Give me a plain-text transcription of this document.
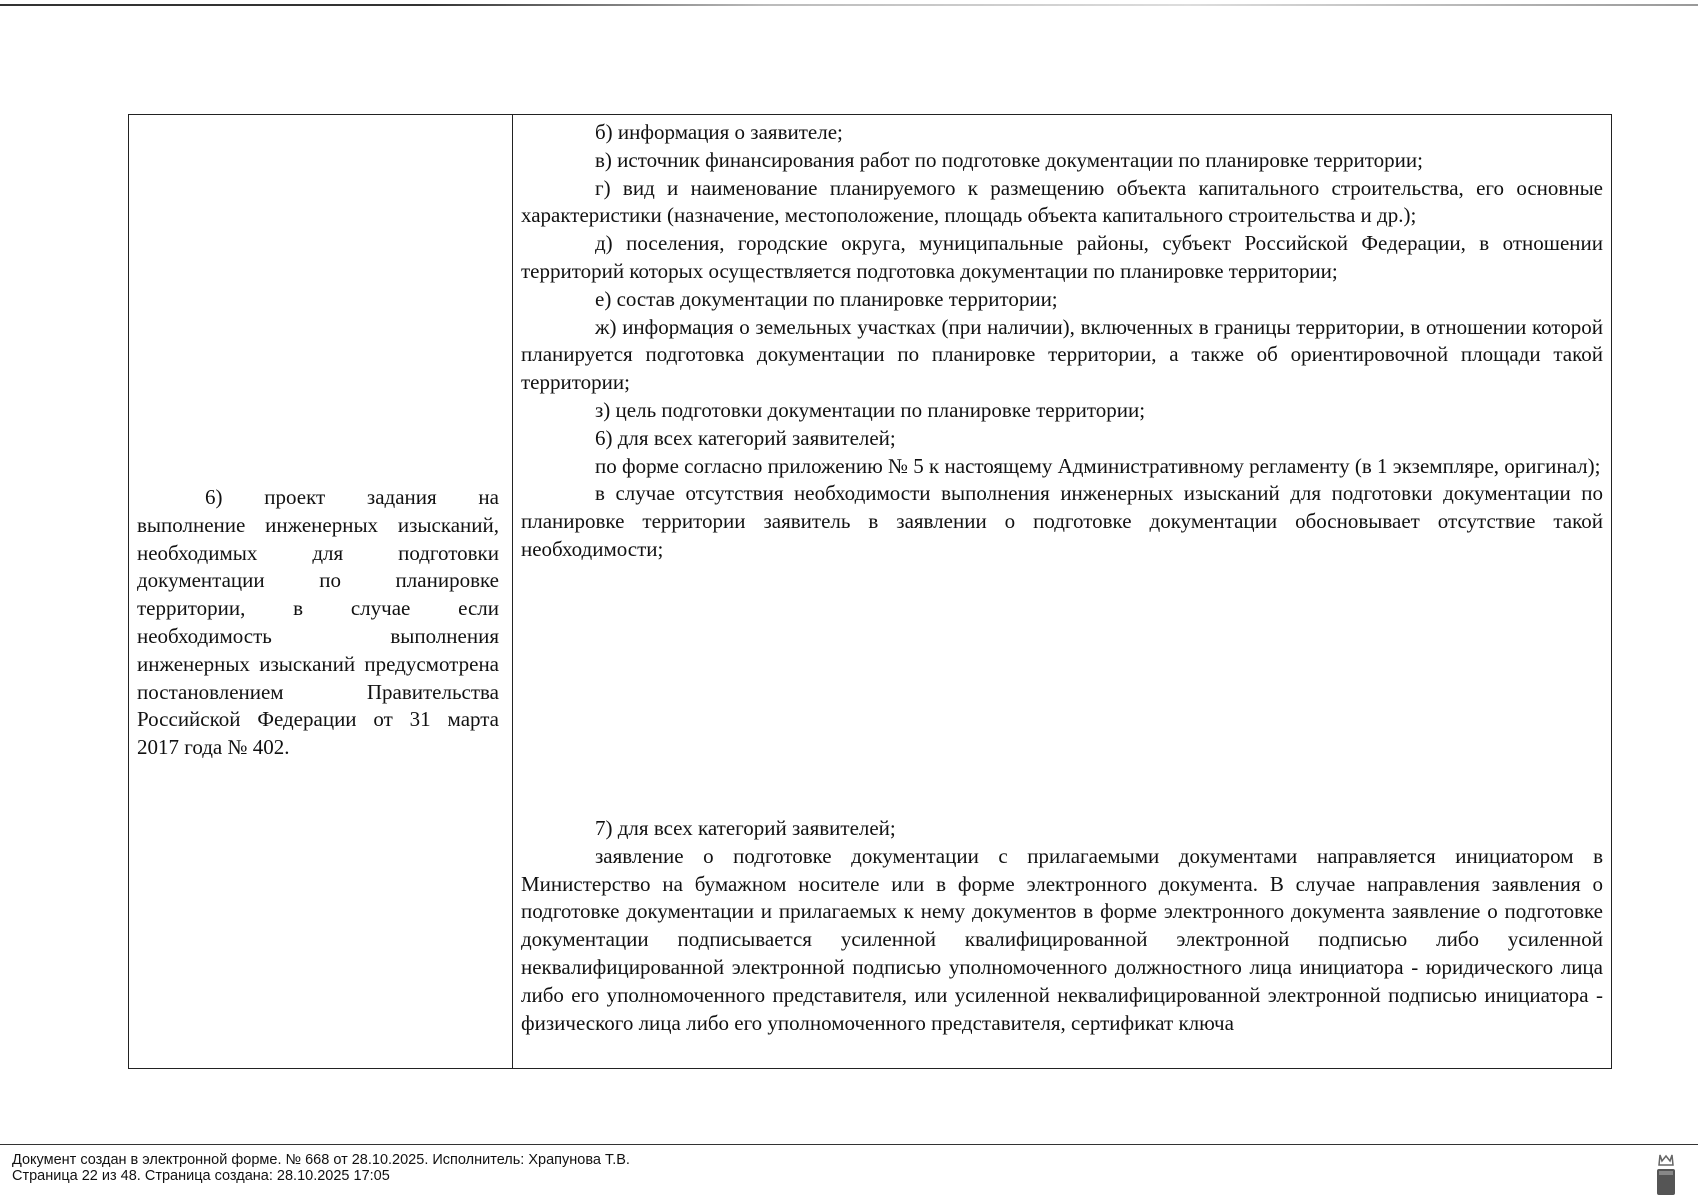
6) проект задания на выполнение инженерных изысканий, необходимых для подготовки документации по планировке территории, в случае если необходимость выполнения инженерных изысканий предусмотрена постановлением Правительства Российской Федерации от 31 марта 2017 года № 402.

б) информация о заявителе;

в) источник финансирования работ по подготовке документации по планировке территории;

г) вид и наименование планируемого к размещению объекта капитального строительства, его основные характеристики (назначение, местоположение, площадь объекта капитального строительства и др.);

д) поселения, городские округа, муниципальные районы, субъект Российской Федерации, в отношении территорий которых осуществляется подготовка документации по планировке территории;

е) состав документации по планировке территории;

ж) информация о земельных участках (при наличии), включенных в границы территории, в отношении которой планируется подготовка документации по планировке территории, а также об ориентировочной площади такой территории;

з) цель подготовки документации по планировке территории;

6) для всех категорий заявителей;

по форме согласно приложению № 5 к настоящему Административному регламенту (в 1 экземпляре, оригинал);

в случае отсутствия необходимости выполнения инженерных изысканий для подготовки документации по планировке территории заявитель в заявлении о подготовке документации обосновывает отсутствие такой необходимости;

7) для всех категорий заявителей;

заявление о подготовке документации с прилагаемыми документами направляется инициатором в Министерство на бумажном носителе или в форме электронного документа. В случае направления заявления о подготовке документации и прилагаемых к нему документов в форме электронного документа заявление о подготовке документации подписывается усиленной квалифицированной электронной подписью либо усиленной неквалифицированной электронной подписью уполномоченного должностного лица инициатора - юридического лица либо его уполномоченного представителя, или усиленной неквалифицированной электронной подписью инициатора - физического лица либо его уполномоченного представителя, сертификат ключа

Документ создан в электронной форме. № 668 от 28.10.2025. Исполнитель: Храпунова Т.В.
Страница 22 из 48. Страница создана: 28.10.2025 17:05
